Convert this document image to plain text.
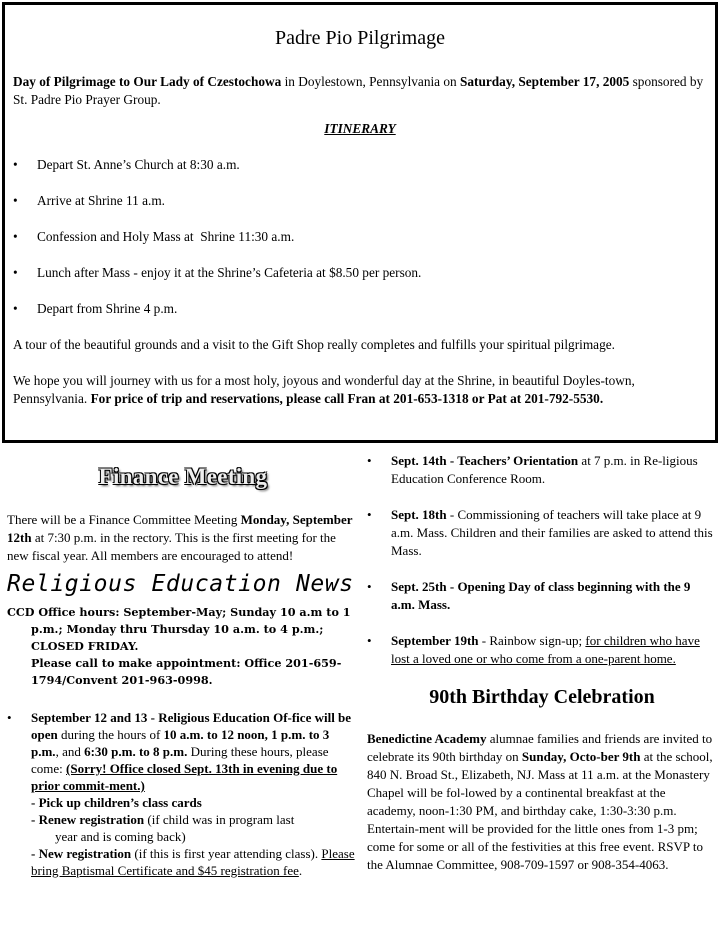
Padre Pio Pilgrimage

Day of Pilgrimage to Our Lady of Czestochowa in Doylestown, Pennsylvania on Saturday, September 17, 2005 sponsored by St. Padre Pio Prayer Group.

ITINERARY
• Depart St. Anne’s Church at 8:30 a.m.
• Arrive at Shrine 11 a.m.
• Confession and Holy Mass at  Shrine 11:30 a.m.
• Lunch after Mass - enjoy it at the Shrine’s Cafeteria at $8.50 per person.
• Depart from Shrine 4 p.m.

A tour of the beautiful grounds and a visit to the Gift Shop really completes and fulfills your spiritual pilgrimage.

We hope you will journey with us for a most holy, joyous and wonderful day at the Shrine, in beautiful Doyles-town, Pennsylvania. For price of trip and reservations, please call Fran at 201-653-1318 or Pat at 201-792-5530.

Finance Meeting
There will be a Finance Committee Meeting Monday, September 12th at 7:30 p.m. in the rectory. This is the first meeting for the new fiscal year. All members are encouraged to attend!
Religious Education News
CCD Office hours: September-May; Sunday 10 a.m to 1 p.m.; Monday thru Thursday 10 a.m. to 4 p.m.; CLOSED FRIDAY.
Please call to make appointment: Office 201-659-1794/Convent 201-963-0998.
• September 12 and 13 - Religious Education Of-fice will be open during the hours of 10 a.m. to 12 noon, 1 p.m. to 3 p.m., and 6:30 p.m. to 8 p.m. During these hours, please come: (Sorry! Office closed Sept. 13th in evening due to prior commit-ment.)
- Pick up children’s class cards
- Renew registration (if child was in program last
year and is coming back)
- New registration (if this is first year attending class). Please bring Baptismal Certificate and $45 registration fee.
• Sept. 14th - Teachers’ Orientation at 7 p.m. in Re-ligious Education Conference Room.
• Sept. 18th - Commissioning of teachers will take place at 9 a.m. Mass. Children and their families are asked to attend this Mass.
• Sept. 25th - Opening Day of class beginning with the 9 a.m. Mass.
• September 19th - Rainbow sign-up; for children who have lost a loved one or who come from a one-parent home.
90th Birthday Celebration
Benedictine Academy alumnae families and friends are invited to celebrate its 90th birthday on Sunday, Octo-ber 9th at the school, 840 N. Broad St., Elizabeth, NJ. Mass at 11 a.m. at the Monastery Chapel will be fol-lowed by a continental breakfast at the academy, noon-1:30 PM, and birthday cake, 1:30-3:30 p.m. Entertain-ment will be provided for the little ones from 1-3 pm; come for some or all of the festivities at this free event. RSVP to the Alumnae Committee, 908-709-1597 or 908-354-4063.
